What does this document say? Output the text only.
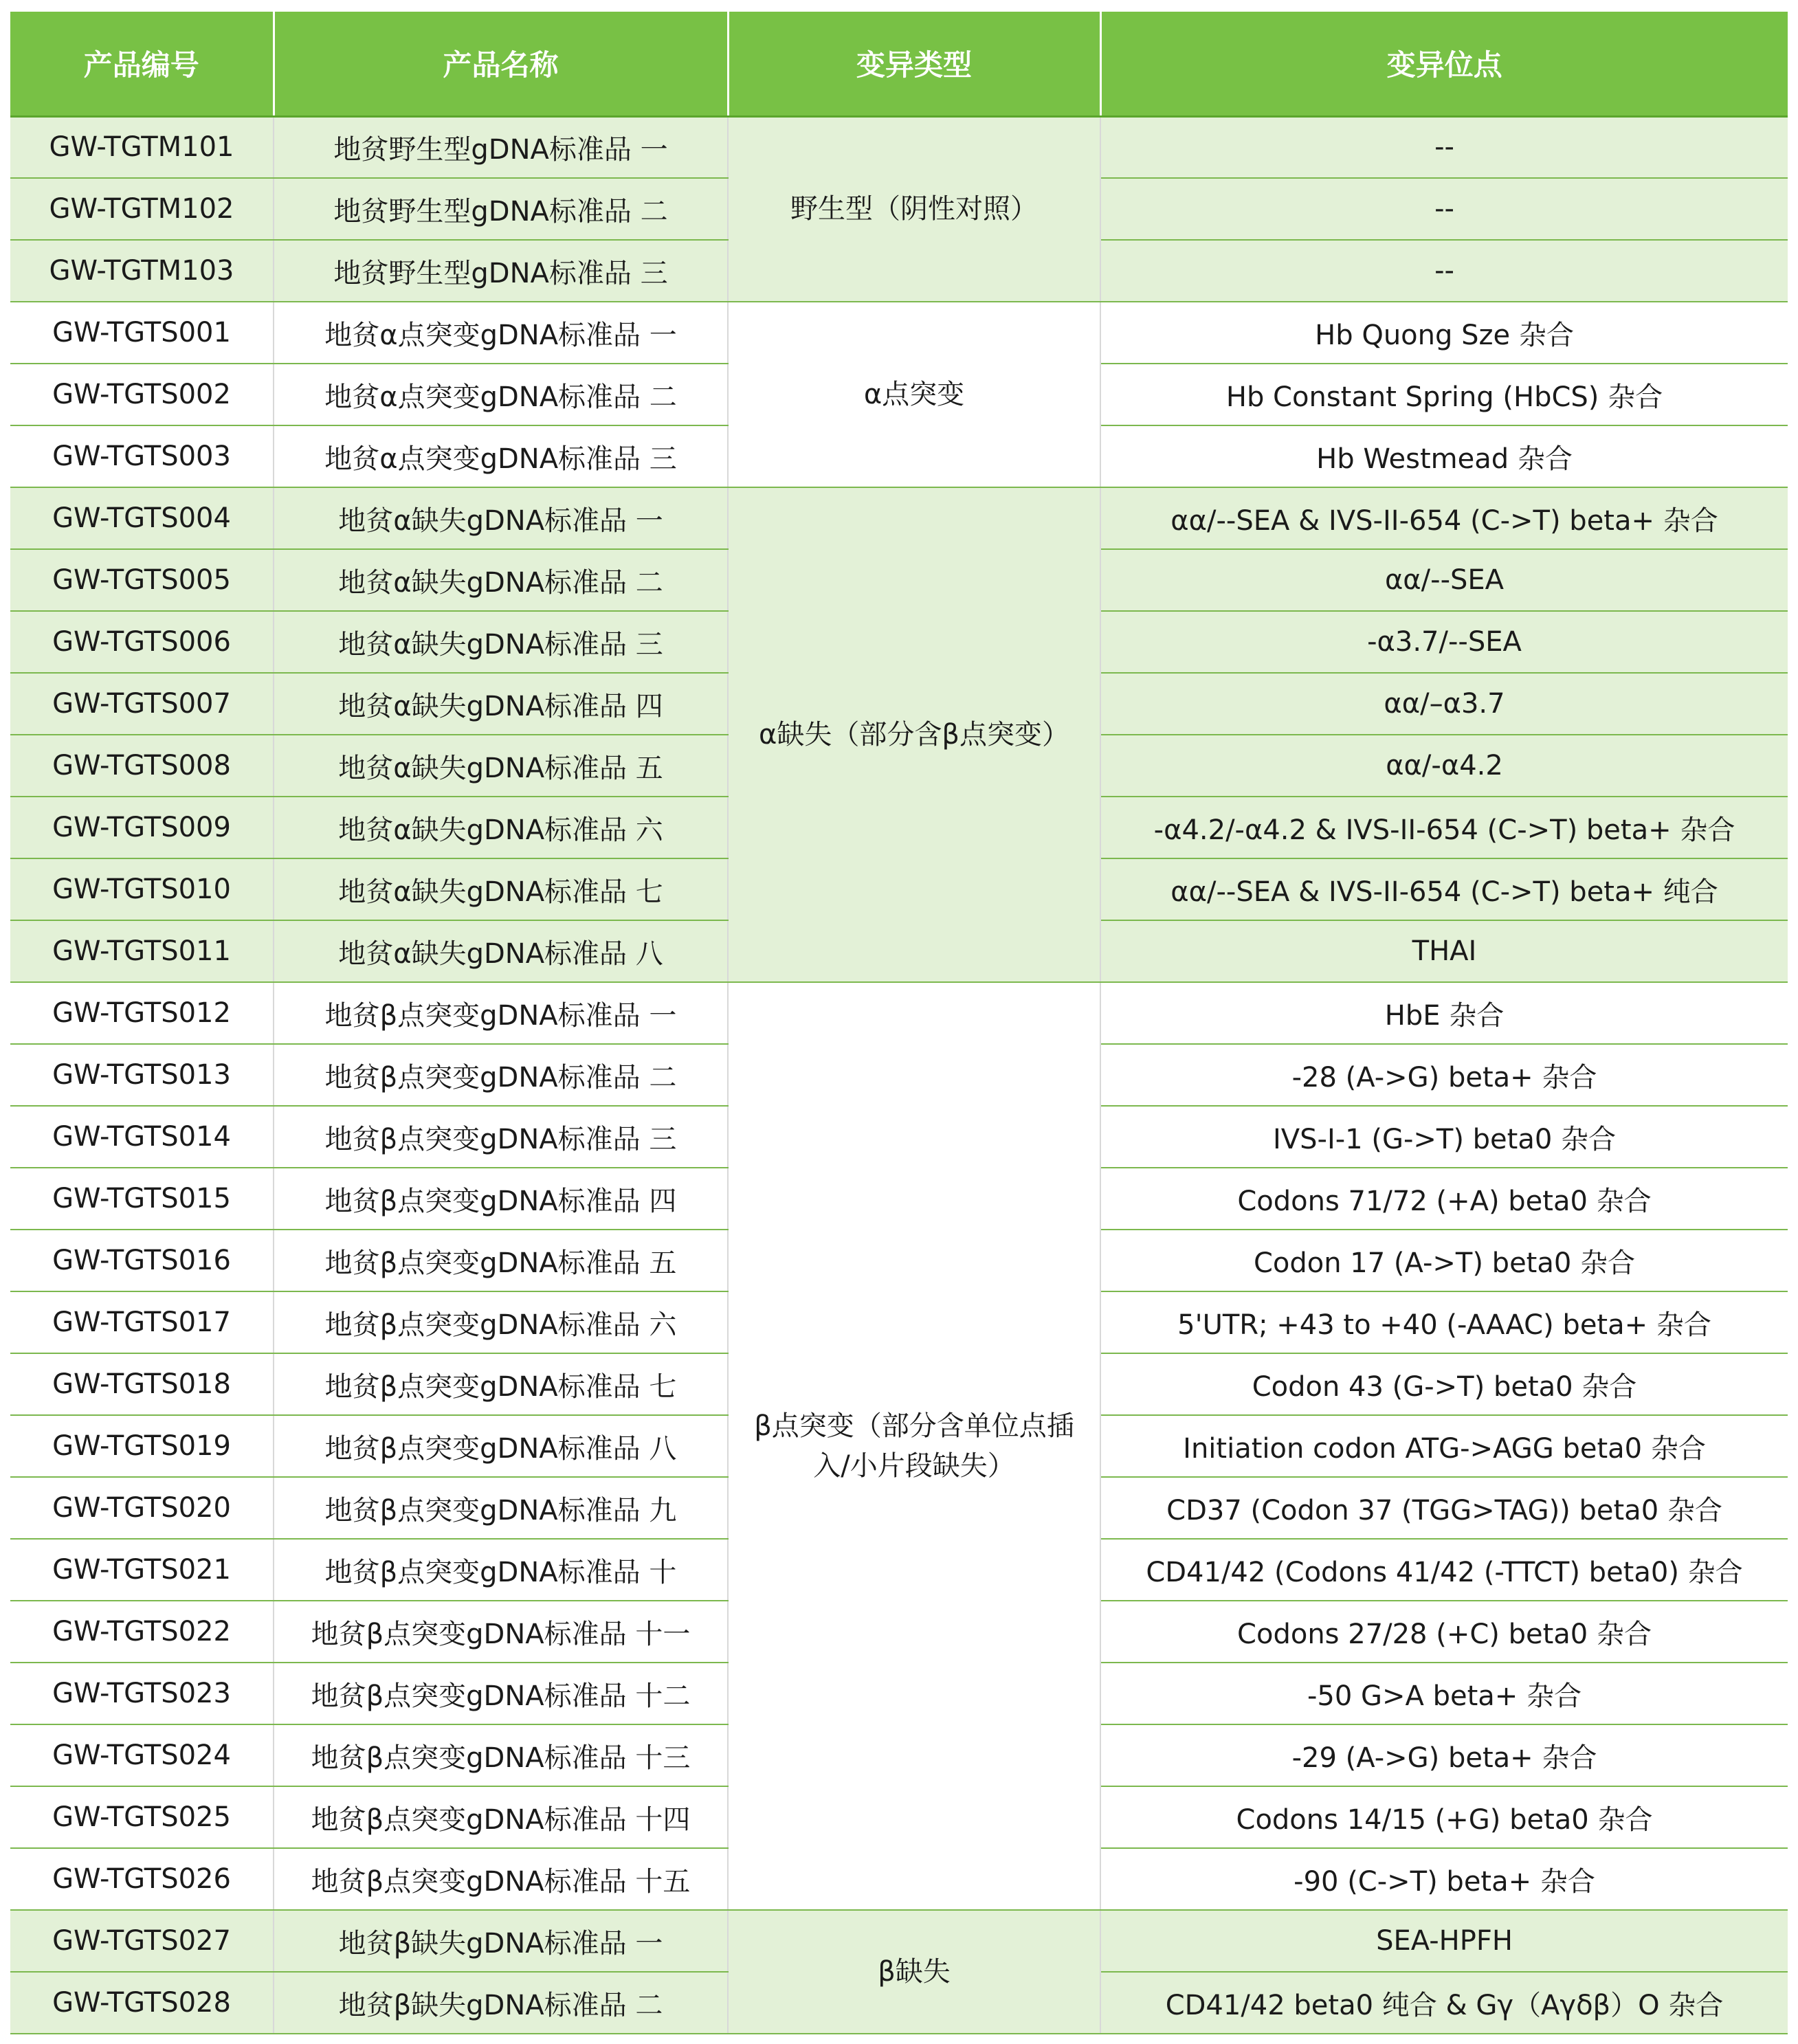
产品编号	产品名称	变异类型	变异位点
GW-TGTM101	地贫野生型gDNA标准品 一	野生型（阴性对照）	--
GW-TGTM102	地贫野生型gDNA标准品 二		--
GW-TGTM103	地贫野生型gDNA标准品 三		--
GW-TGTS001	地贫α点突变gDNA标准品 一	α点突变	Hb Quong Sze 杂合
GW-TGTS002	地贫α点突变gDNA标准品 二		Hb Constant Spring (HbCS) 杂合
GW-TGTS003	地贫α点突变gDNA标准品 三		Hb Westmead 杂合
GW-TGTS004	地贫α缺失gDNA标准品 一	α缺失（部分含β点突变）	αα/--SEA & IVS-II-654 (C->T) beta+ 杂合
GW-TGTS005	地贫α缺失gDNA标准品 二		αα/--SEA
GW-TGTS006	地贫α缺失gDNA标准品 三		-α3.7/--SEA
GW-TGTS007	地贫α缺失gDNA标准品 四		αα/–α3.7
GW-TGTS008	地贫α缺失gDNA标准品 五		αα/-α4.2
GW-TGTS009	地贫α缺失gDNA标准品 六		-α4.2/-α4.2 & IVS-II-654 (C->T) beta+ 杂合
GW-TGTS010	地贫α缺失gDNA标准品 七		αα/--SEA & IVS-II-654 (C->T) beta+ 纯合
GW-TGTS011	地贫α缺失gDNA标准品 八		THAI
GW-TGTS012	地贫β点突变gDNA标准品 一	β点突变（部分含单位点插入/小片段缺失）	HbE 杂合
GW-TGTS013	地贫β点突变gDNA标准品 二		-28 (A->G) beta+ 杂合
GW-TGTS014	地贫β点突变gDNA标准品 三		IVS-I-1 (G->T) beta0 杂合
GW-TGTS015	地贫β点突变gDNA标准品 四		Codons 71/72 (+A) beta0 杂合
GW-TGTS016	地贫β点突变gDNA标准品 五		Codon 17 (A->T) beta0 杂合
GW-TGTS017	地贫β点突变gDNA标准品 六		5'UTR; +43 to +40 (-AAAC) beta+ 杂合
GW-TGTS018	地贫β点突变gDNA标准品 七		Codon 43 (G->T) beta0 杂合
GW-TGTS019	地贫β点突变gDNA标准品 八		Initiation codon ATG->AGG beta0 杂合
GW-TGTS020	地贫β点突变gDNA标准品 九		CD37 (Codon 37 (TGG>TAG)) beta0 杂合
GW-TGTS021	地贫β点突变gDNA标准品 十		CD41/42 (Codons 41/42 (-TTCT) beta0) 杂合
GW-TGTS022	地贫β点突变gDNA标准品 十一		Codons 27/28 (+C) beta0 杂合
GW-TGTS023	地贫β点突变gDNA标准品 十二		-50 G>A beta+ 杂合
GW-TGTS024	地贫β点突变gDNA标准品 十三		-29 (A->G) beta+ 杂合
GW-TGTS025	地贫β点突变gDNA标准品 十四		Codons 14/15 (+G) beta0 杂合
GW-TGTS026	地贫β点突变gDNA标准品 十五		-90 (C->T) beta+ 杂合
GW-TGTS027	地贫β缺失gDNA标准品 一	β缺失	SEA-HPFH
GW-TGTS028	地贫β缺失gDNA标准品 二		CD41/42 beta0 纯合 & Gγ（Aγδβ）O 杂合
